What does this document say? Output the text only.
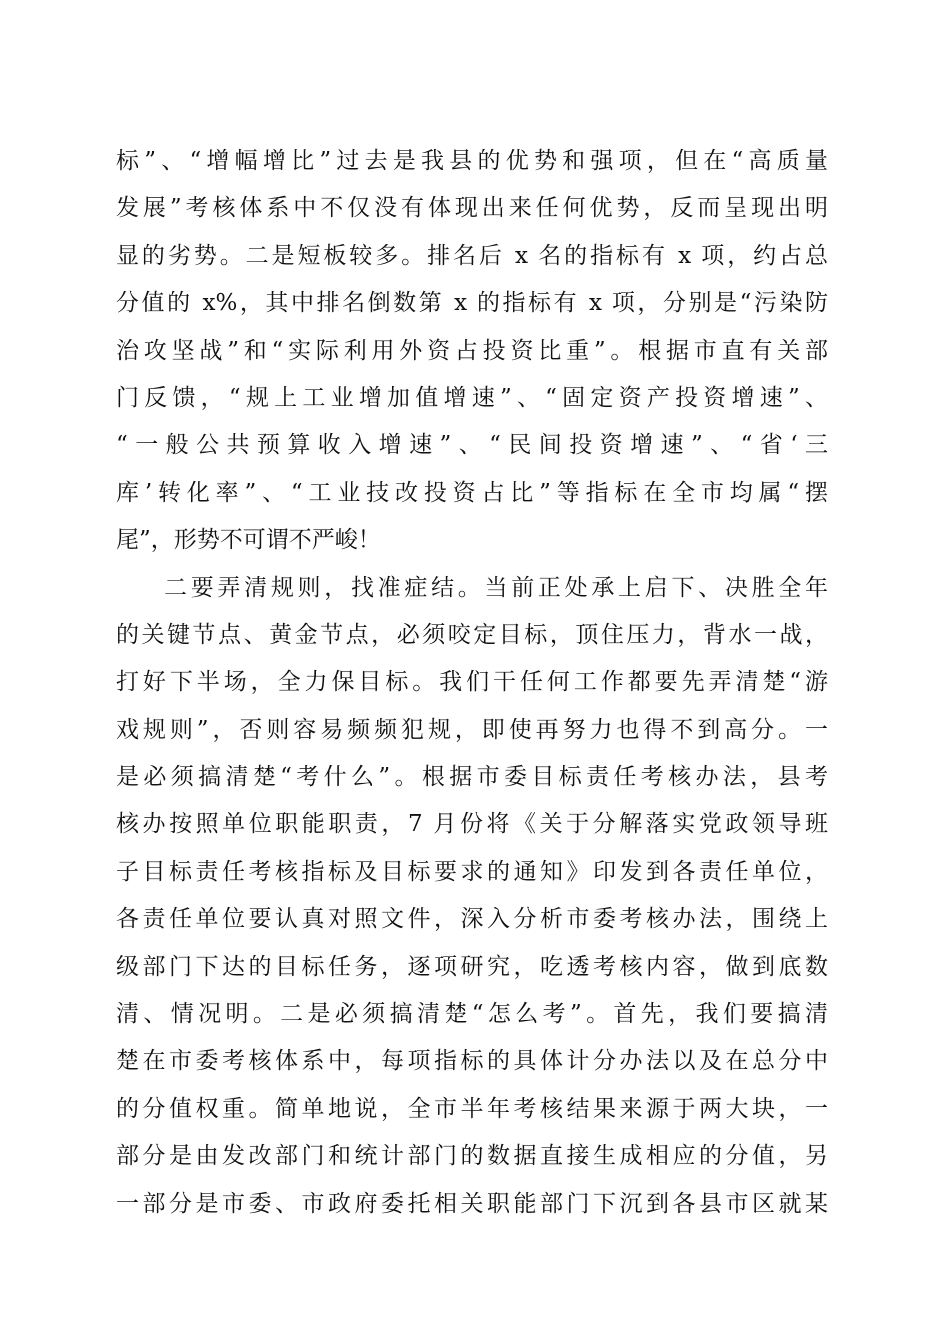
标”、“增幅增比”过去是我县的优势和强项，但在“高质量
发展”考核体系中不仅没有体现出来任何优势，反而呈现出明
显的劣势。二是短板较多。排名后 x 名的指标有 x 项，约占总
分值的 x%，其中排名倒数第 x 的指标有 x 项，分别是“污染防
治攻坚战”和“实际利用外资占投资比重”。根据市直有关部
门反馈，“规上工业增加值增速”、“固定资产投资增速”、
“一般公共预算收入增速”、“民间投资增速”、“省‘三
库’转化率”、“工业技改投资占比”等指标在全市均属“摆
尾”，形势不可谓不严峻！
二要弄清规则，找准症结。当前正处承上启下、决胜全年
的关键节点、黄金节点，必须咬定目标，顶住压力，背水一战，
打好下半场，全力保目标。我们干任何工作都要先弄清楚“游
戏规则”，否则容易频频犯规，即使再努力也得不到高分。一
是必须搞清楚“考什么”。根据市委目标责任考核办法，县考
核办按照单位职能职责，7 月份将《关于分解落实党政领导班
子目标责任考核指标及目标要求的通知》印发到各责任单位，
各责任单位要认真对照文件，深入分析市委考核办法，围绕上
级部门下达的目标任务，逐项研究，吃透考核内容，做到底数
清、情况明。二是必须搞清楚“怎么考”。首先，我们要搞清
楚在市委考核体系中，每项指标的具体计分办法以及在总分中
的分值权重。简单地说，全市半年考核结果来源于两大块，一
部分是由发改部门和统计部门的数据直接生成相应的分值，另
一部分是市委、市政府委托相关职能部门下沉到各县市区就某
